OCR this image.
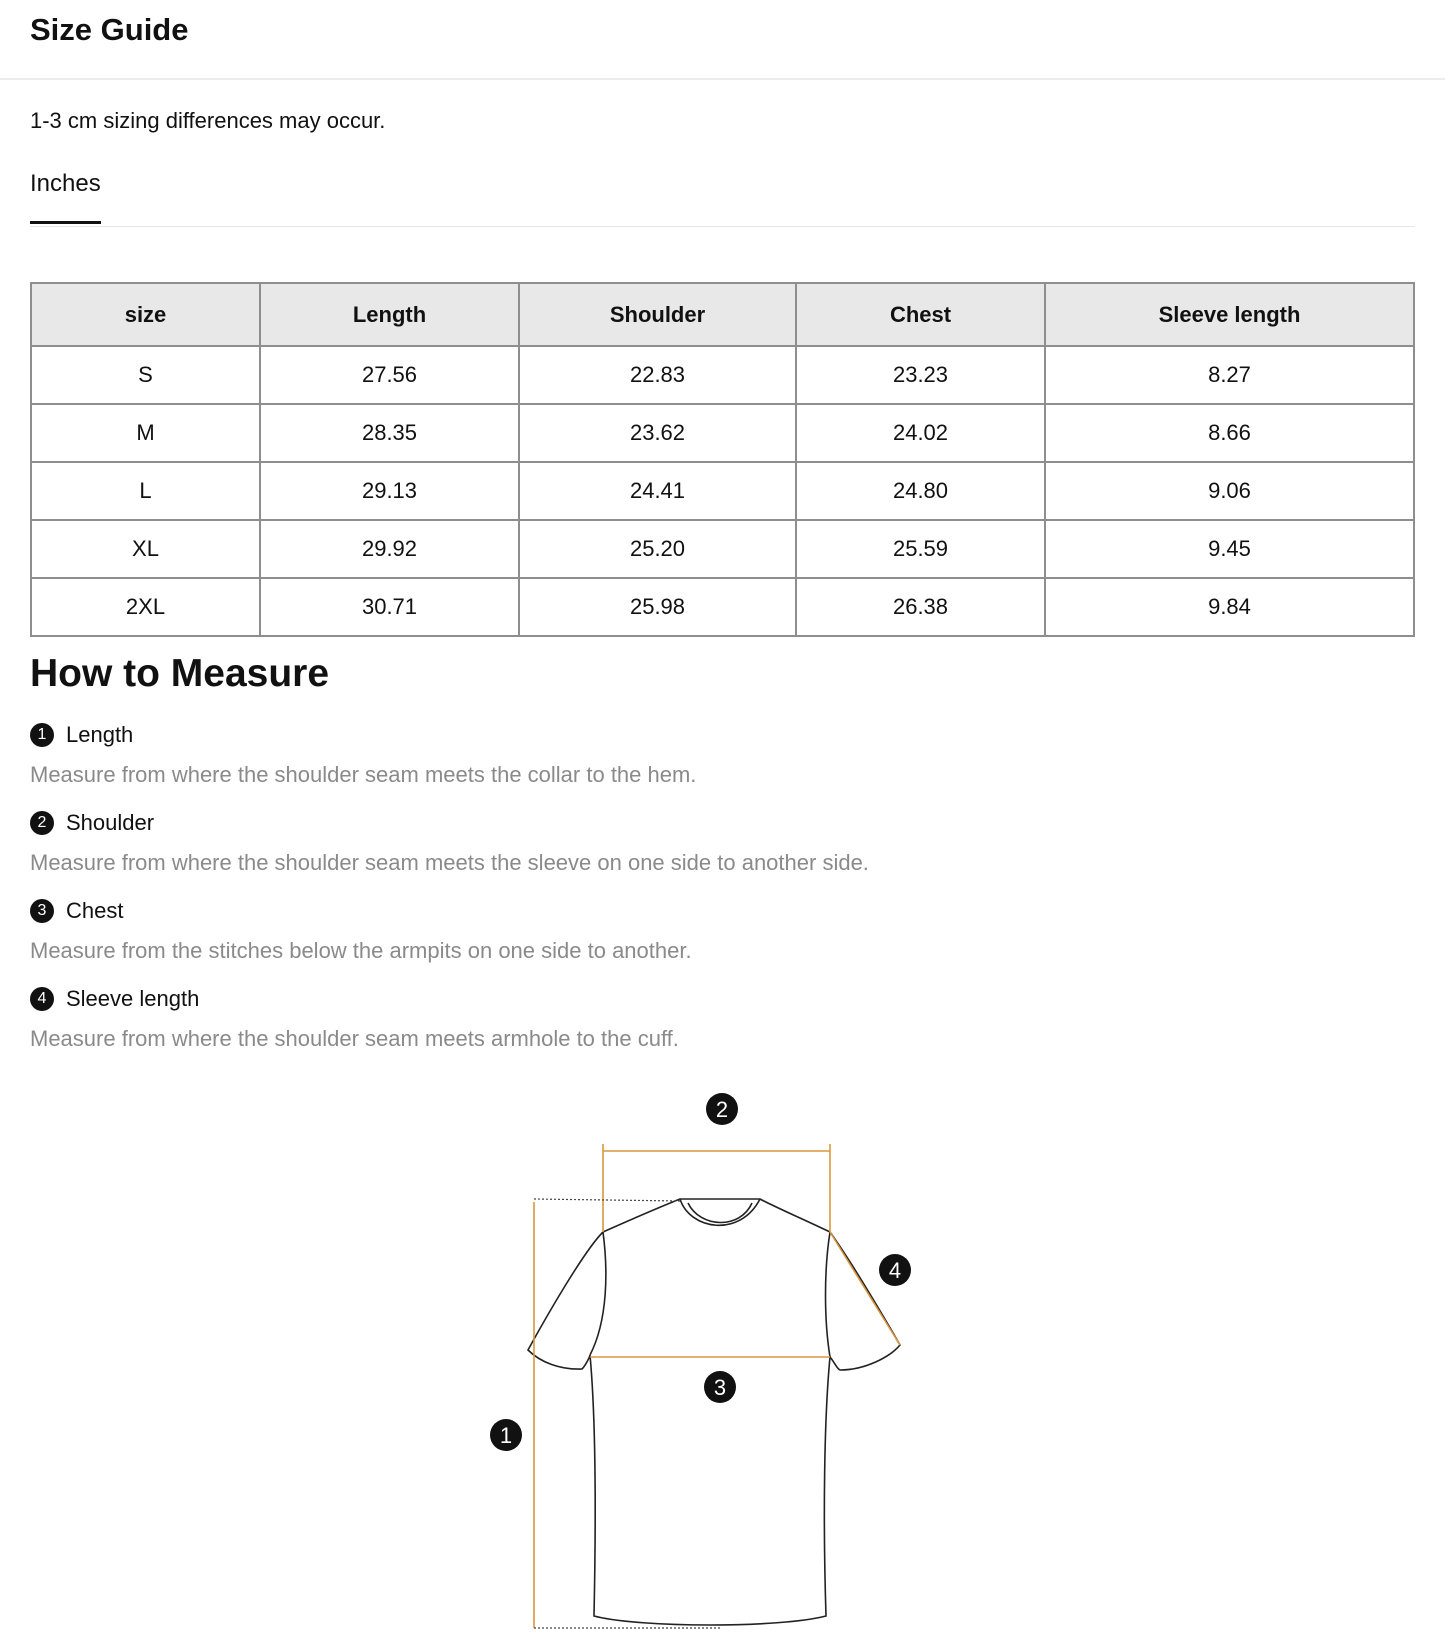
Size Guide
1-3 cm sizing differences may occur.
Inches
size	Length	Shoulder	Chest	Sleeve length
S	27.56	22.83	23.23	8.27
M	28.35	23.62	24.02	8.66
L	29.13	24.41	24.80	9.06
XL	29.92	25.20	25.59	9.45
2XL	30.71	25.98	26.38	9.84
How to Measure
1 Length
Measure from where the shoulder seam meets the collar to the hem.
2 Shoulder
Measure from where the shoulder seam meets the sleeve on one side to another side.
3 Chest
Measure from the stitches below the armpits on one side to another.
4 Sleeve length
Measure from where the shoulder seam meets armhole to the cuff.
1
2
3
4
